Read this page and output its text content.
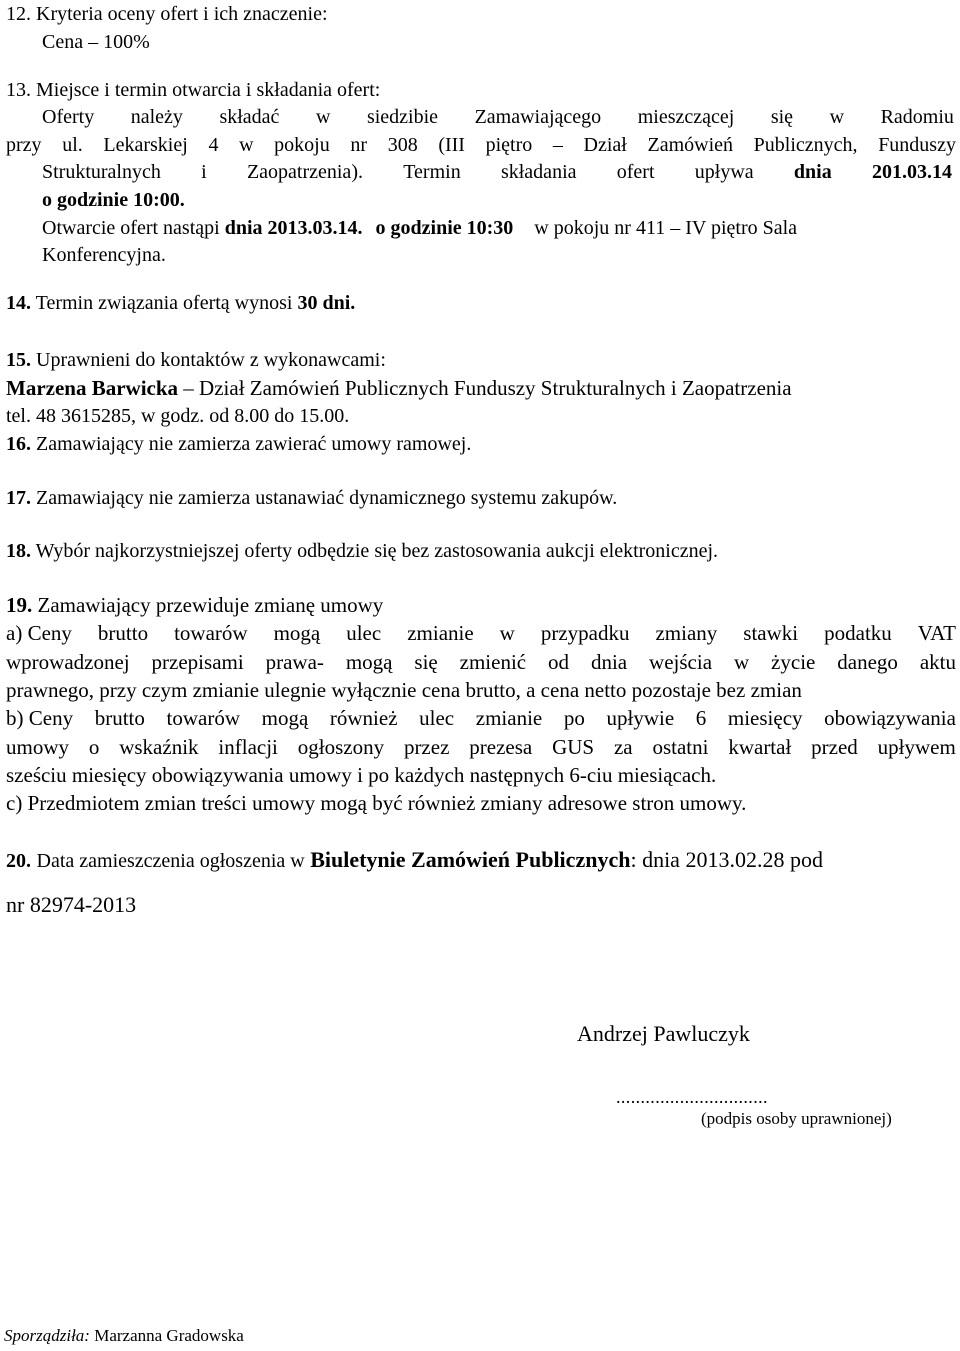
12. Kryteria oceny ofert i ich znaczenie:
Cena – 100%
13. Miejsce i termin otwarcia i składania ofert:
Oferty należy składać w siedzibie Zamawiającego mieszczącej się w Radomiu
przy ul. Lekarskiej 4 w pokoju nr 308 (III piętro – Dział Zamówień Publicznych, Funduszy
Strukturalnych i Zaopatrzenia). Termin składania ofert upływa dnia 201.03.14
o godzinie 10:00.
Otwarcie ofert nastąpi dnia 2013.03.14. o godzinie 10:30 w pokoju nr 411 – IV piętro Sala
Konferencyjna.
14. Termin związania ofertą wynosi 30 dni.
15. Uprawnieni do kontaktów z wykonawcami:
Marzena Barwicka – Dział Zamówień Publicznych Funduszy Strukturalnych i Zaopatrzenia
tel. 48 3615285, w godz. od 8.00 do 15.00.
16. Zamawiający nie zamierza zawierać umowy ramowej.
17. Zamawiający nie zamierza ustanawiać dynamicznego systemu zakupów.
18. Wybór najkorzystniejszej oferty odbędzie się bez zastosowania aukcji elektronicznej.
19. Zamawiający przewiduje zmianę umowy
a) Ceny brutto towarów mogą ulec zmianie w przypadku zmiany stawki podatku VAT
wprowadzonej przepisami prawa- mogą się zmienić od dnia wejścia w życie danego aktu
prawnego, przy czym zmianie ulegnie wyłącznie cena brutto, a cena netto pozostaje bez zmian
b) Ceny brutto towarów mogą również ulec zmianie po upływie 6 miesięcy obowiązywania
umowy o wskaźnik inflacji ogłoszony przez prezesa GUS za ostatni kwartał przed upływem
sześciu miesięcy obowiązywania umowy i po każdych następnych 6-ciu miesiącach.
c) Przedmiotem zmian treści umowy mogą być również zmiany adresowe stron umowy.
20. Data zamieszczenia ogłoszenia w Biuletynie Zamówień Publicznych: dnia 2013.02.28 pod
nr 82974-2013
Andrzej Pawluczyk
...............................
(podpis osoby uprawnionej)
Sporządziła: Marzanna Gradowska
